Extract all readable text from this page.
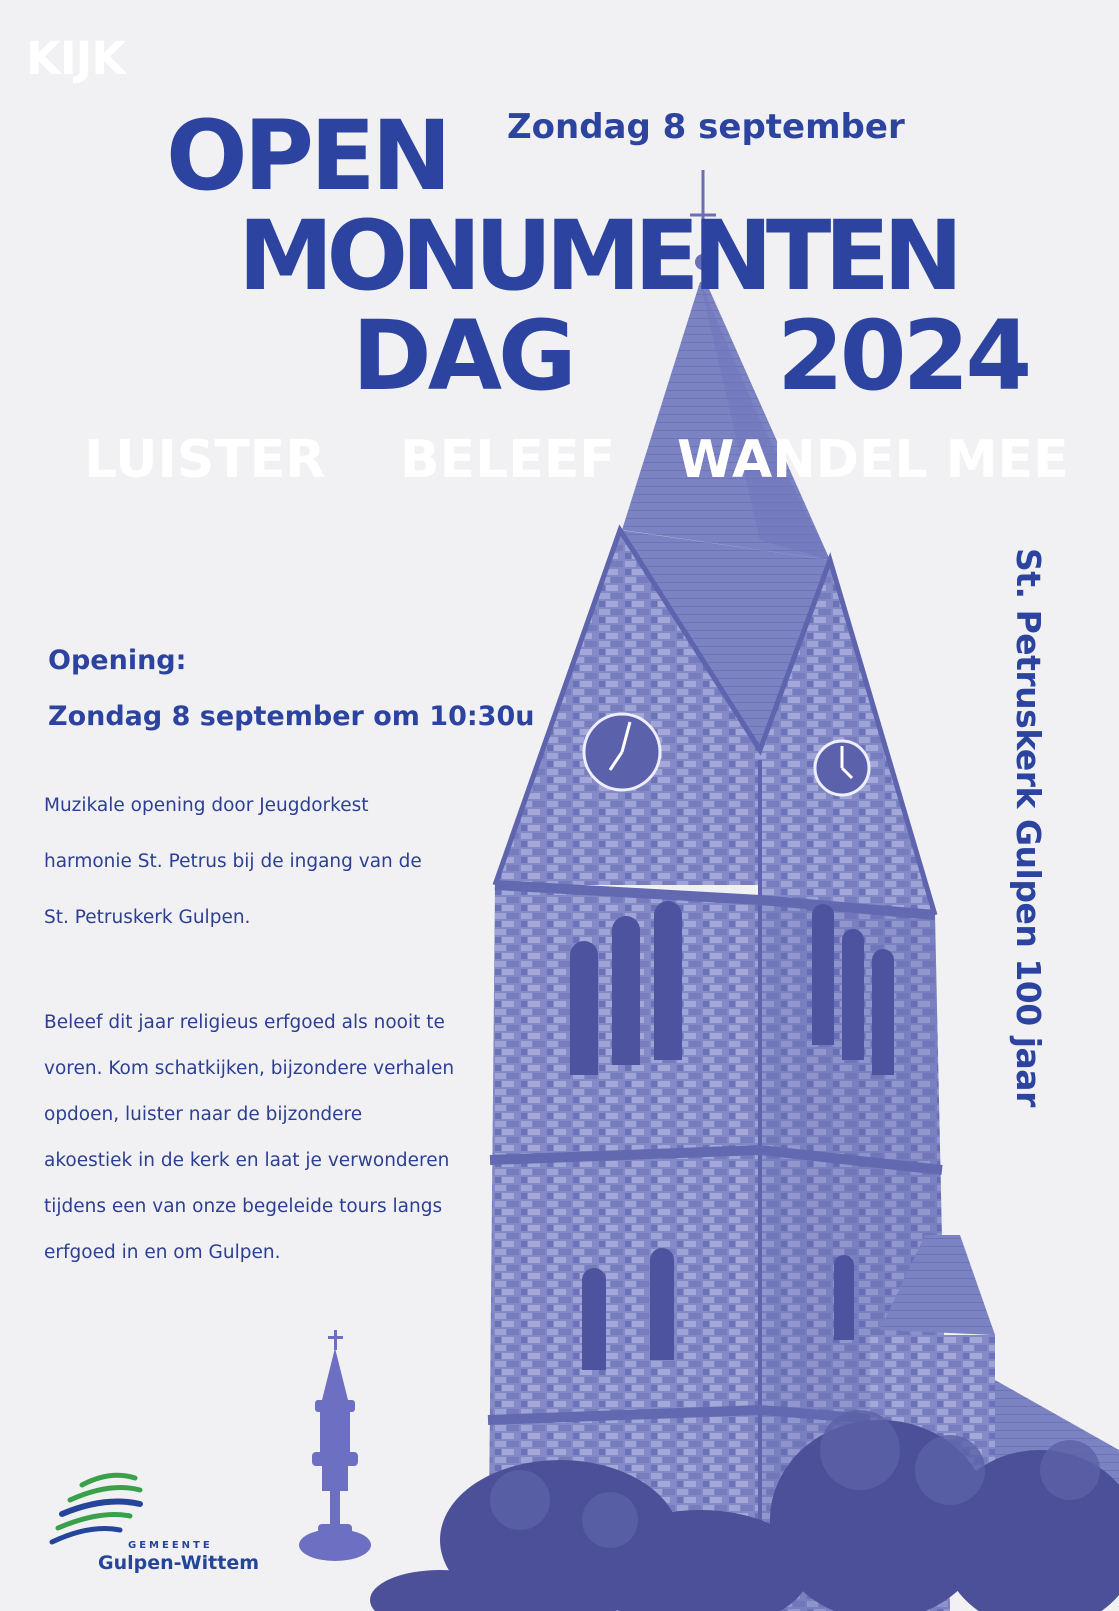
KIJK
OPEN Zondag 8 september
MONUMENTEN
DAG 2024
LUISTER BELEEF WANDEL MEE
St. Petruskerk Gulpen 100 jaar
Opening:
Zondag 8 september om 10:30u
Muzikale opening door Jeugdorkest
harmonie St. Petrus bij de ingang van de
St. Petruskerk Gulpen.
Beleef dit jaar religieus erfgoed als nooit te
voren. Kom schatkijken, bijzondere verhalen
opdoen, luister naar de bijzondere
akoestiek in de kerk en laat je verwonderen
tijdens een van onze begeleide tours langs
erfgoed in en om Gulpen.
GEMEENTE
Gulpen-Wittem
